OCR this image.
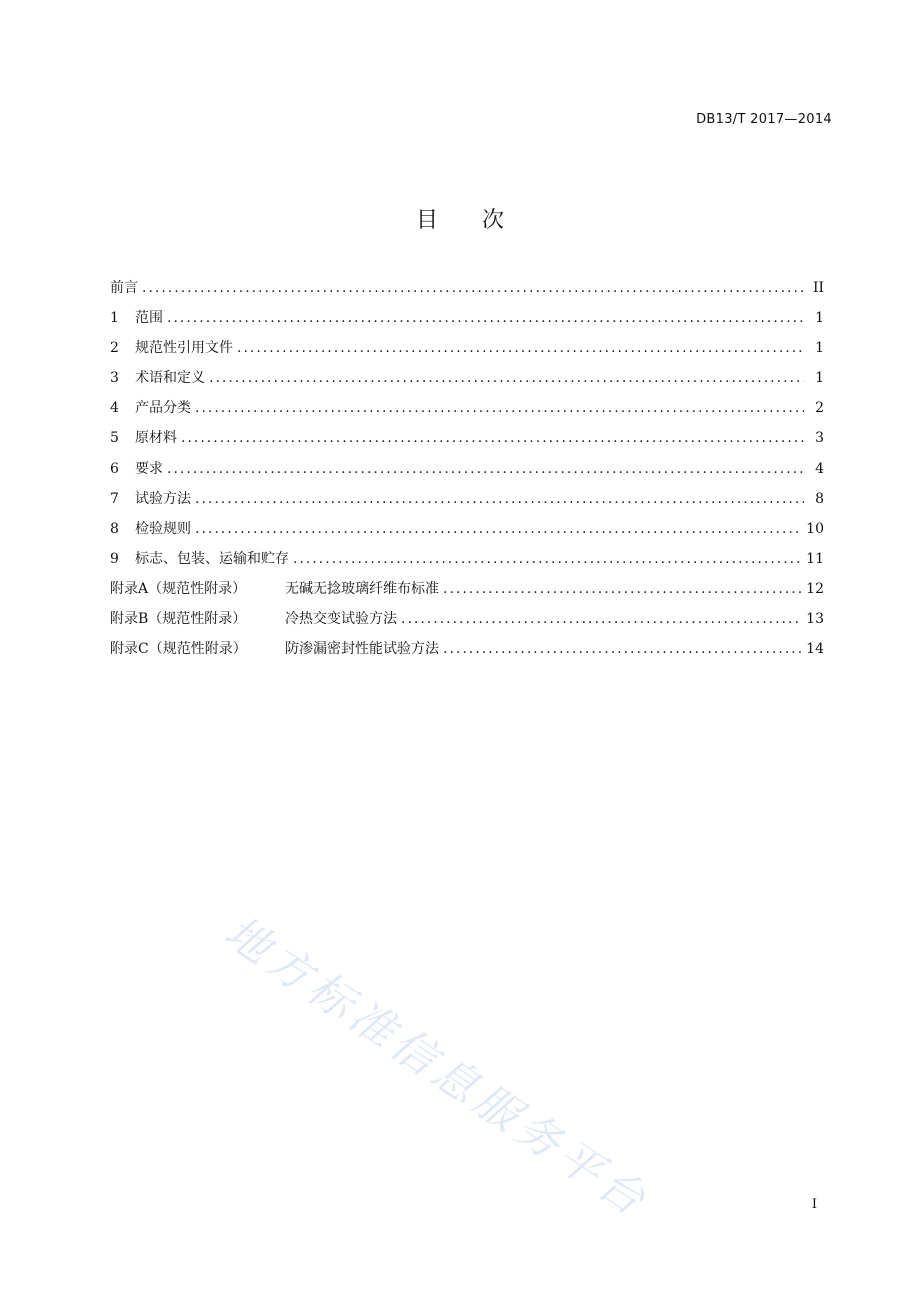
DB13/T 2017—2014
目 次
前言 .....	II
1	范围 .....	1
2	规范性引用文件 .....	1
3	术语和定义 .....	1
4	产品分类 .....	2
5	原材料 .....	3
6	要求 .....	4
7	试验方法 .....	8
8	检验规则 .....	10
9	标志、包装、运输和贮存 .....	11
附录A（规范性附录）	无碱无捻玻璃纤维布标准 .....	12
附录B（规范性附录）	冷热交变试验方法 .....	13
附录C（规范性附录）	防渗漏密封性能试验方法 .....	14
地方标准信息服务平台	I
